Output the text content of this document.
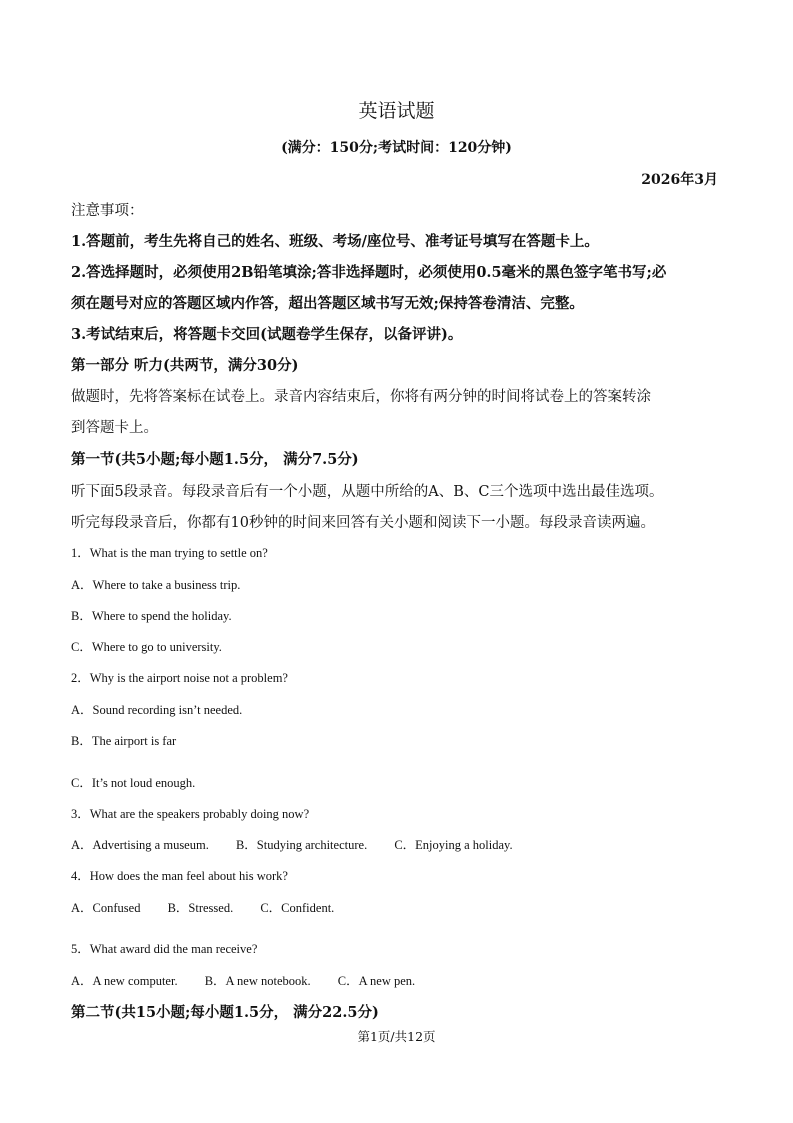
英语试题
(满分：150分;考试时间：120分钟)
2026年3月
注意事项：
1.答题前，考生先将自己的姓名、班级、考场/座位号、准考证号填写在答题卡上。
2.答选择题时，必须使用2B铅笔填涂;答非选择题时，必须使用0.5毫米的黑色签字笔书写;必
须在题号对应的答题区域内作答，超出答题区域书写无效;保持答卷清洁、完整。
3.考试结束后，将答题卡交回(试题卷学生保存，以备评讲)。
第一部分 听力(共两节，满分30分)
做题时，先将答案标在试卷上。录音内容结束后，你将有两分钟的时间将试卷上的答案转涂
到答题卡上。
第一节(共5小题;每小题1.5分， 满分7.5分)
听下面5段录音。每段录音后有一个小题，从题中所给的A、B、C三个选项中选出最佳选项。
听完每段录音后，你都有10秒钟的时间来回答有关小题和阅读下一小题。每段录音读两遍。
1．What is the man trying to settle on?
A．Where to take a business trip.
B．Where to spend the holiday.
C．Where to go to university.
2．Why is the airport noise not a problem?
A．Sound recording isn’t needed.
B．The airport is far
C．It’s not loud enough.
3．What are the speakers probably doing now?
A．Advertising a museum. B．Studying architecture. C．Enjoying a holiday.
4．How does the man feel about his work?
A．Confused B．Stressed. C．Confident.
5．What award did the man receive?
A．A new computer. B．A new notebook. C．A new pen.
第二节(共15小题;每小题1.5分， 满分22.5分)
第1页/共12页
